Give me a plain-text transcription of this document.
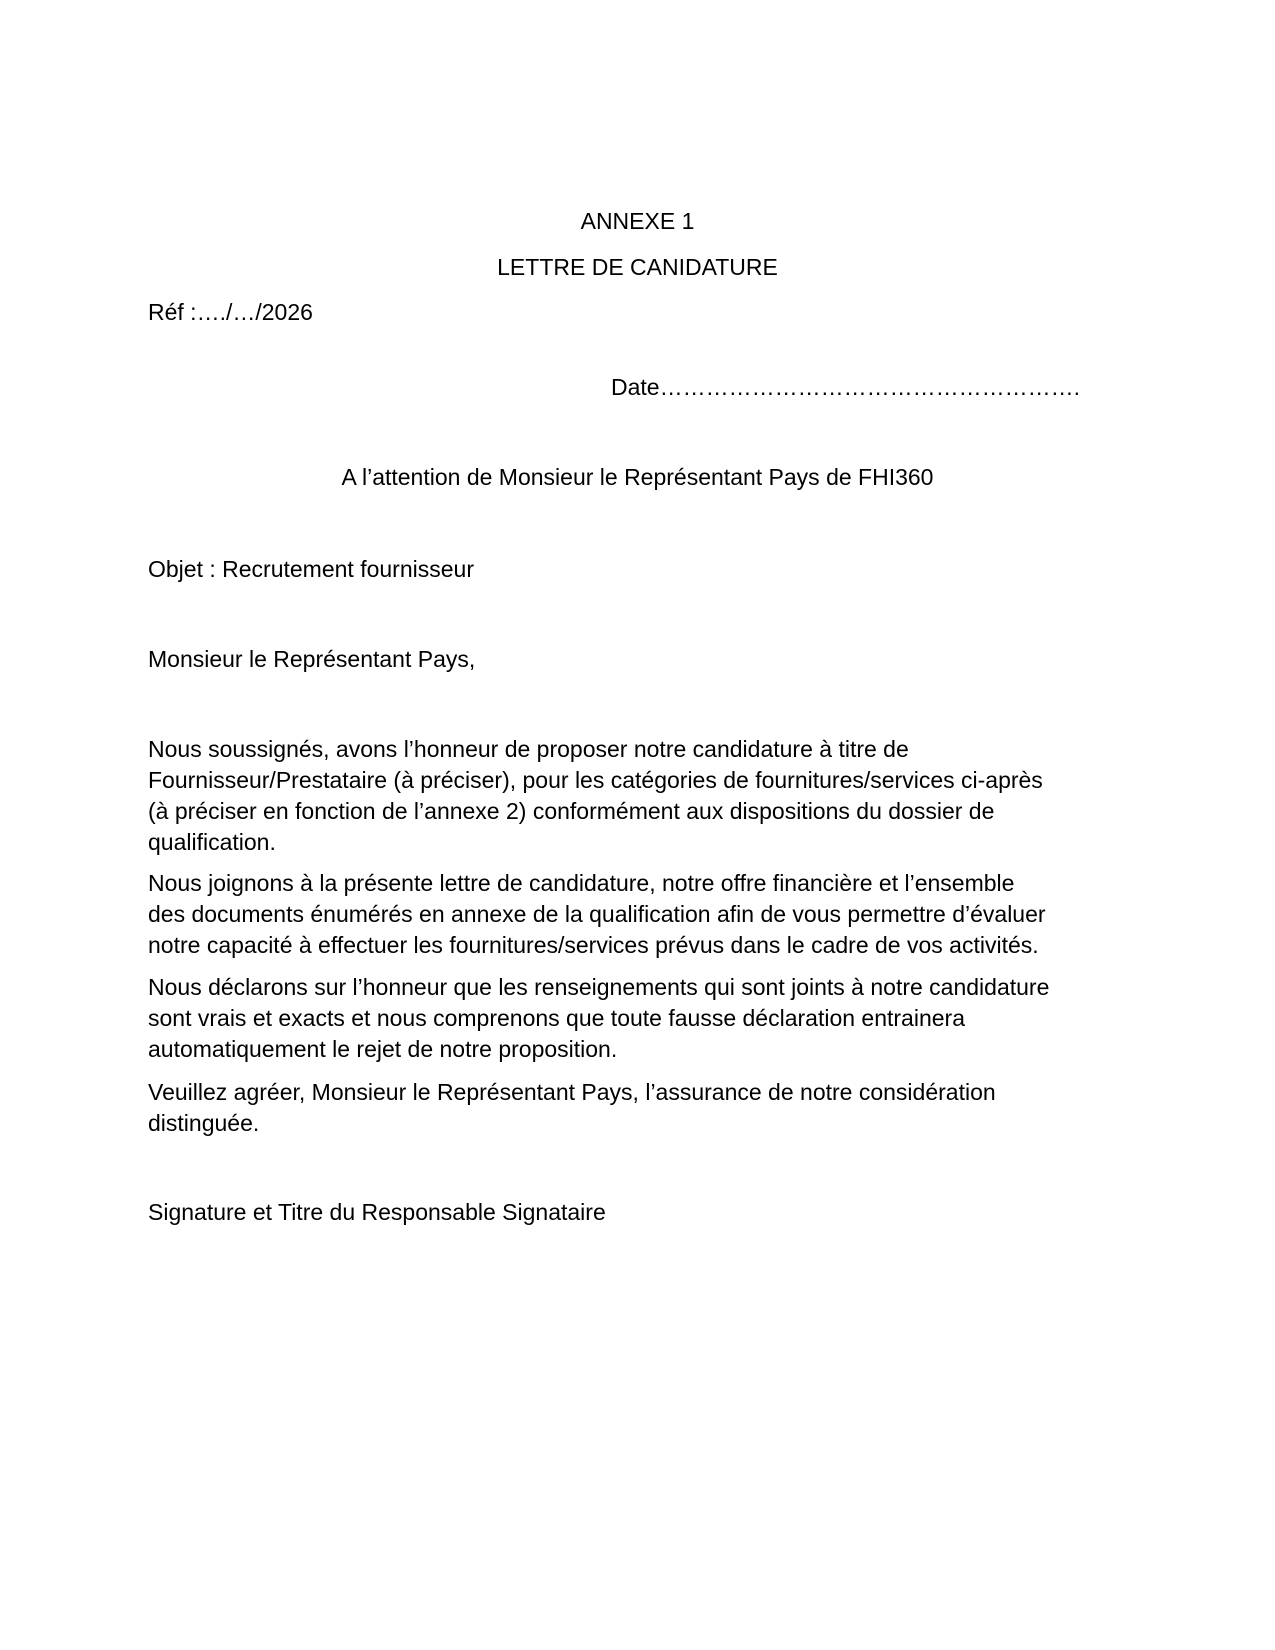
ANNEXE 1
LETTRE DE CANIDATURE
Réf :…./…/2026
Date……………………………………………….
A l’attention de Monsieur le Représentant Pays de FHI360
Objet : Recrutement fournisseur
Monsieur le Représentant Pays,
Nous soussignés, avons l’honneur de proposer notre candidature à titre de
Fournisseur/Prestataire (à préciser), pour les catégories de fournitures/services ci-après
(à préciser en fonction de l’annexe 2) conformément aux dispositions du dossier de
qualification.
Nous joignons à la présente lettre de candidature, notre offre financière et l’ensemble
des documents énumérés en annexe de la qualification afin de vous permettre d’évaluer
notre capacité à effectuer les fournitures/services prévus dans le cadre de vos activités.
Nous déclarons sur l’honneur que les renseignements qui sont joints à notre candidature
sont vrais et exacts et nous comprenons que toute fausse déclaration entrainera
automatiquement le rejet de notre proposition.
Veuillez agréer, Monsieur le Représentant Pays, l’assurance de notre considération
distinguée.
Signature et Titre du Responsable Signataire
